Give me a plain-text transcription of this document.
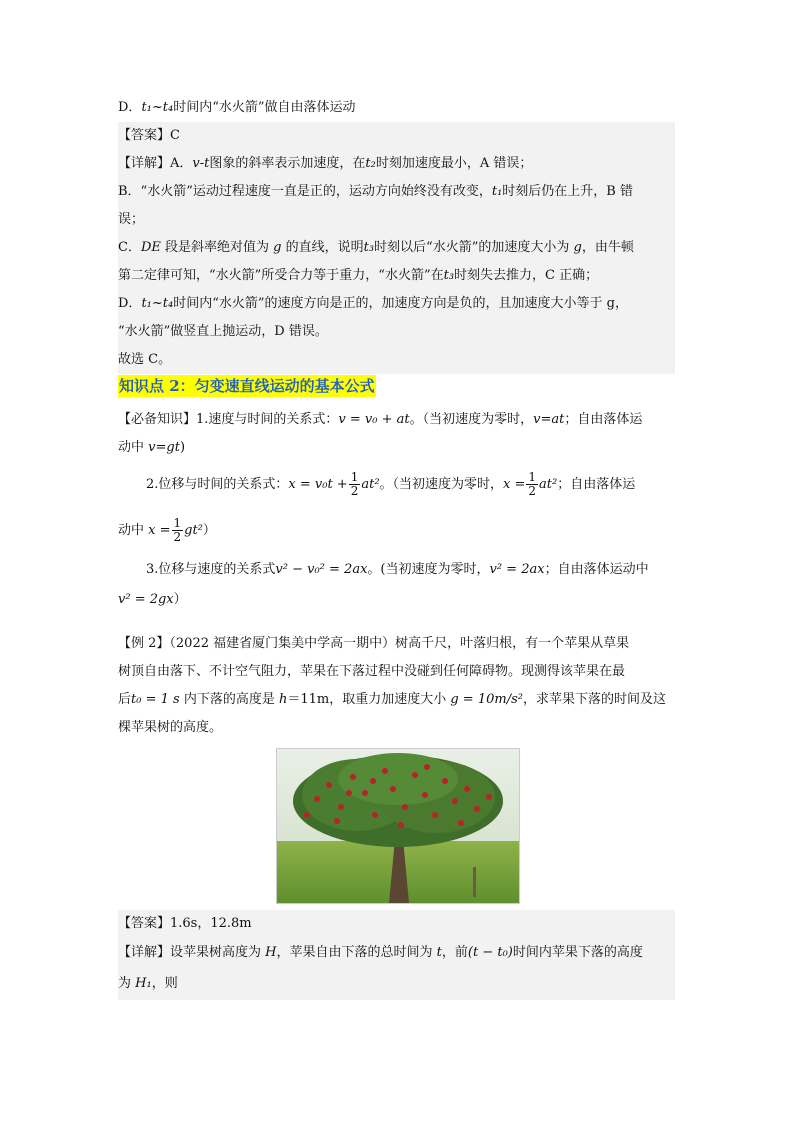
D．t₁~t₄时间内“水火箭”做自由落体运动
【答案】C
【详解】A．v-t图象的斜率表示加速度，在t₂时刻加速度最小，A 错误；
B．“水火箭”运动过程速度一直是正的，运动方向始终没有改变，t₁时刻后仍在上升，B 错
误；
C．DE 段是斜率绝对值为 g 的直线，说明t₃时刻以后“水火箭”的加速度大小为 g，由牛顿
第二定律可知，“水火箭”所受合力等于重力，“水火箭”在t₃时刻失去推力，C 正确；
D．t₁~t₄时间内“水火箭”的速度方向是正的，加速度方向是负的，且加速度大小等于 g，
“水火箭”做竖直上抛运动，D 错误。
故选 C。
知识点 2：匀变速直线运动的基本公式
【必备知识】1.速度与时间的关系式：v = v₀ + at。（当初速度为零时，v=at；自由落体运
动中 v=gt)
2.位移与时间的关系式：$x = v_0t + \frac{1}{2} at^2$。（当初速度为零时，$x = \frac{1}{2} at^2$；自由落体运
动中 $x = \frac{1}{2} gt^2$）
3.位移与速度的关系式v² − v₀² = 2ax。(当初速度为零时，v² = 2ax；自由落体运动中
v² = 2gx）
【例 2】（2022 福建省厦门集美中学高一期中）树高千尺，叶落归根，有一个苹果从草果
树顶自由落下、不计空气阻力，苹果在下落过程中没碰到任何障碍物。现测得该苹果在最
后t₀ = 1 s 内下落的高度是 h＝11m，取重力加速度大小 g = 10m/s²，求苹果下落的时间及这
棵苹果树的高度。
【答案】1.6s，12.8m
【详解】设苹果树高度为 H，苹果自由下落的总时间为 t，前(t − t₀)时间内苹果下落的高度
为 H₁，则
